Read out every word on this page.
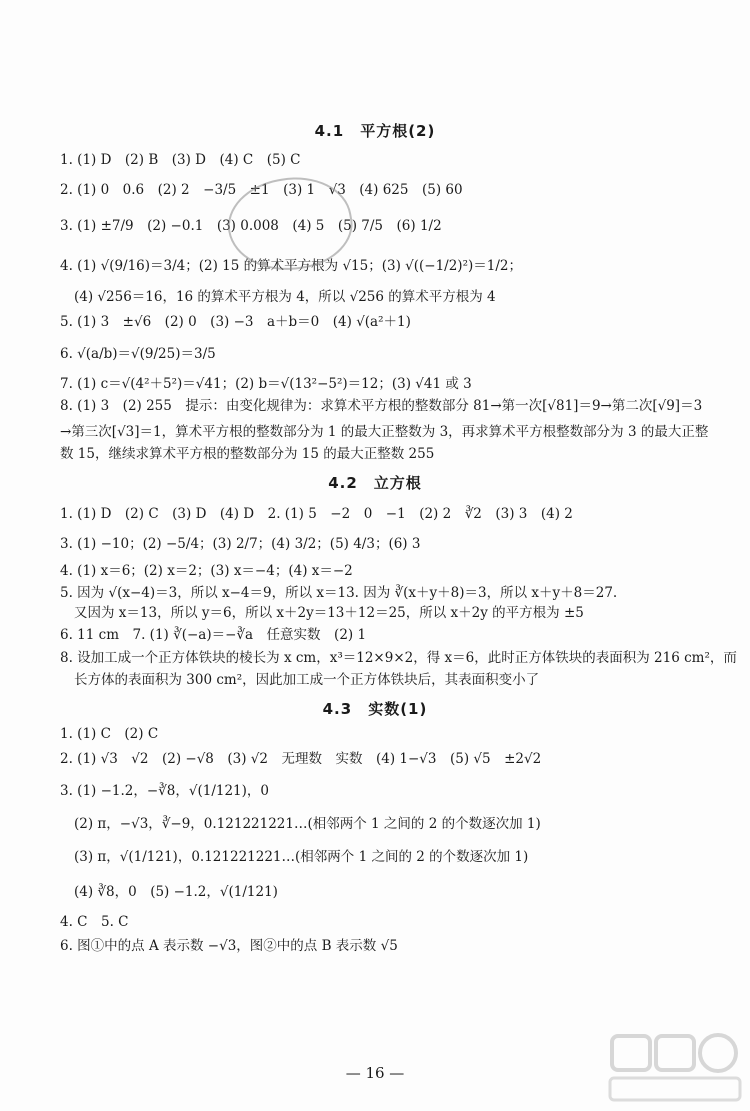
4.1　平方根(2)
1. (1) D　(2) B　(3) D　(4) C　(5) C
2. (1) 0　0.6　(2) 2　−3/5　±1　(3) 1　√3　(4) 625　(5) 60
3. (1) ±7/9　(2) −0.1　(3) 0.008　(4) 5　(5) 7/5　(6) 1/2
4. (1) √(9/16)＝3/4；(2) 15 的算术平方根为 √15；(3) √((−1/2)²)＝1/2；
(4) √256＝16，16 的算术平方根为 4，所以 √256 的算术平方根为 4
5. (1) 3　±√6　(2) 0　(3) −3　a＋b＝0　(4) √(a²＋1)
6. √(a/b)＝√(9/25)＝3/5
7. (1) c＝√(4²＋5²)＝√41；(2) b＝√(13²−5²)＝12；(3) √41 或 3
8. (1) 3　(2) 255　提示：由变化规律为：求算术平方根的整数部分 81→第一次[√81]＝9→第二次[√9]＝3
→第三次[√3]＝1，算术平方根的整数部分为 1 的最大正整数为 3，再求算术平方根整数部分为 3 的最大正整
数 15，继续求算术平方根的整数部分为 15 的最大正整数 255
4.2　立方根
1. (1) D　(2) C　(3) D　(4) D　2. (1) 5　−2　0　−1　(2) 2　∛2　(3) 3　(4) 2
3. (1) −10；(2) −5/4；(3) 2/7；(4) 3/2；(5) 4/3；(6) 3
4. (1) x＝6；(2) x＝2；(3) x＝−4；(4) x＝−2
5. 因为 √(x−4)＝3，所以 x−4＝9，所以 x＝13. 因为 ∛(x＋y＋8)＝3，所以 x＋y＋8＝27.
又因为 x＝13，所以 y＝6，所以 x＋2y＝13＋12＝25，所以 x＋2y 的平方根为 ±5
6. 11 cm　7. (1) ∛(−a)＝−∛a　任意实数　(2) 1
8. 设加工成一个正方体铁块的棱长为 x cm，x³＝12×9×2，得 x＝6，此时正方体铁块的表面积为 216 cm²，而
长方体的表面积为 300 cm²，因此加工成一个正方体铁块后，其表面积变小了
4.3　实数(1)
1. (1) C　(2) C
2. (1) √3　√2　(2) −√8　(3) √2　无理数　实数　(4) 1−√3　(5) √5　±2√2
3. (1) −1.2，−∛8，√(1/121)，0
(2) π，−√3，∛−9，0.121221221…(相邻两个 1 之间的 2 的个数逐次加 1)
(3) π，√(1/121)，0.121221221…(相邻两个 1 之间的 2 的个数逐次加 1)
(4) ∛8，0　(5) −1.2，√(1/121)
4. C　5. C
6. 图①中的点 A 表示数 −√3，图②中的点 B 表示数 √5
— 16 —
